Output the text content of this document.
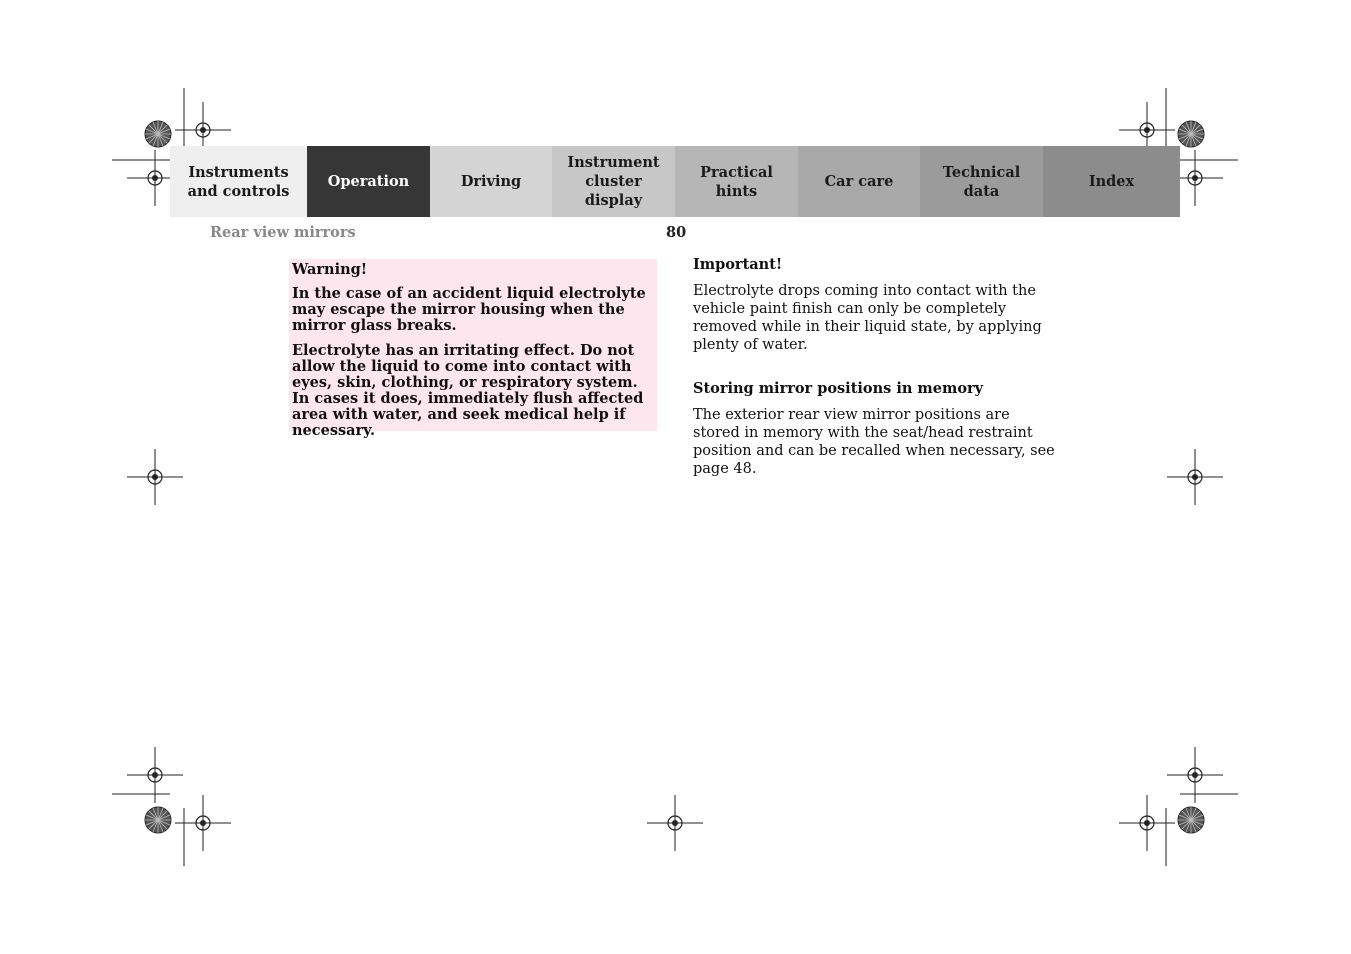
Instruments
and controls
Operation	Driving
Instrument
cluster display
Practical hints
Car care
Technical
data
Index
Rear view mirrors	80
Warning!

In the case of an accident liquid electrolyte may escape the mirror housing when the mirror glass breaks.

Electrolyte has an irritating effect. Do not allow the liquid to come into contact with eyes, skin, clothing, or respiratory system. In cases it does, immediately flush affected area with water, and seek medical help if necessary.

Important!

Electrolyte drops coming into contact with the vehicle paint finish can only be completely removed while in their liquid state, by applying plenty of water.

Storing mirror positions in memory

The exterior rear view mirror positions are stored in memory with the seat/head restraint position and can be recalled when necessary, see page 48.
